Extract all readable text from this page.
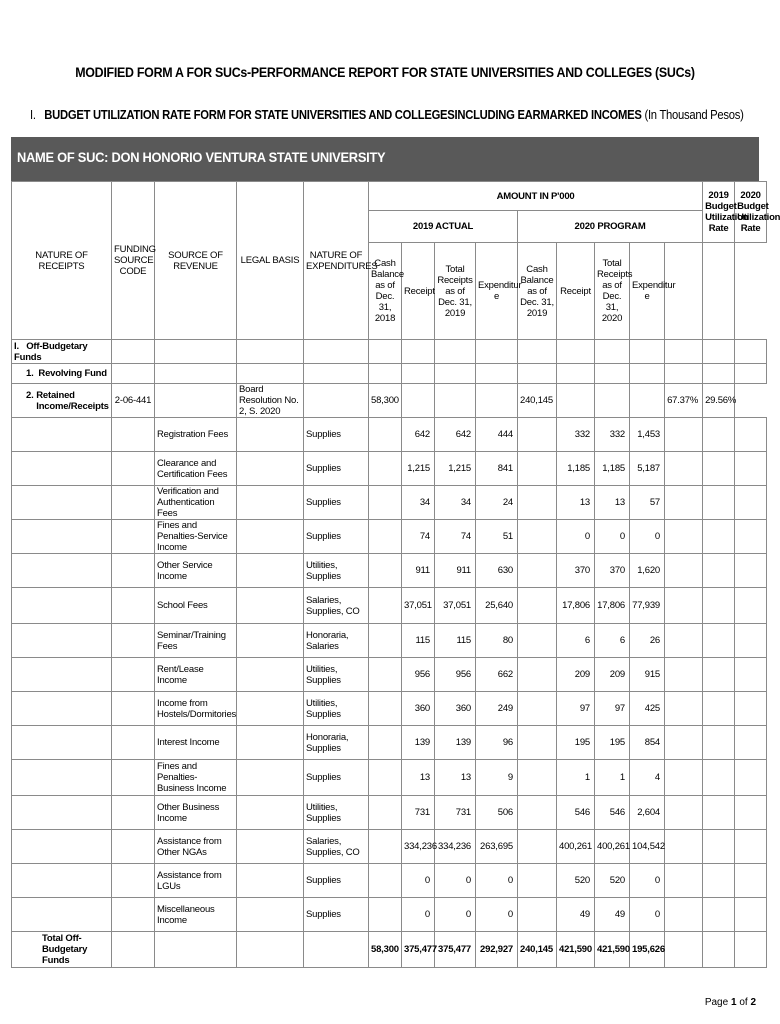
MODIFIED FORM A FOR SUCs-PERFORMANCE REPORT FOR STATE UNIVERSITIES AND COLLEGES (SUCs)
I. BUDGET UTILIZATION RATE FORM FOR STATE UNIVERSITIES AND COLLEGESINCLUDING EARMARKED INCOMES (In Thousand Pesos)
NAME OF SUC: DON HONORIO VENTURA STATE UNIVERSITY
NATURE OF RECEIPTS	FUNDING SOURCE CODE	SOURCE OF REVENUE	LEGAL BASIS	NATURE OF EXPENDITURES	AMOUNT IN P'000									2019 Budget Utilization Rate	2020 Budget Utilization Rate
					2019 ACTUAL				2020 PROGRAM						
					Cash Balance as of Dec. 31, 2018	Receipt	Total Receipts as of Dec. 31, 2019	Expenditur e	Cash Balance as of Dec. 31, 2019	Receipt	Total Receipts as of Dec. 31, 2020	Expenditur e			
I. Off-Budgetary Funds															
1. Revolving Fund															

2. Retained Income/Receipts	2-06-441		Board Resolution No. 2, S. 2020		58,300				240,145				67.37%	29.56%	
		Registration Fees		Supplies		642	642	444		332	332	1,453			
		Clearance and Certification Fees		Supplies		1,215	1,215	841		1,185	1,185	5,187			
		Verification and Authentication Fees		Supplies		34	34	24		13	13	57			
		Fines and Penalties-Service Income		Supplies		74	74	51		0	0	0			
		Other Service Income		Utilities, Supplies		911	911	630		370	370	1,620			
		School Fees		Salaries, Supplies, CO		37,051	37,051	25,640		17,806	17,806	77,939			
		Seminar/Training Fees		Honoraria, Salaries		115	115	80		6	6	26			
		Rent/Lease Income		Utilities, Supplies		956	956	662		209	209	915			
		Income from Hostels/Dormitories		Utilities, Supplies		360	360	249		97	97	425			
		Interest Income		Honoraria, Supplies		139	139	96		195	195	854			
		Fines and Penalties-Business Income		Supplies		13	13	9		1	1	4			
		Other Business Income		Utilities, Supplies		731	731	506		546	546	2,604			
		Assistance from Other NGAs		Salaries, Supplies, CO		334,236	334,236	263,695		400,261	400,261	104,542			
		Assistance from LGUs		Supplies		0	0	0		520	520	0			
		Miscellaneous Income		Supplies		0	0	0		49	49	0			
Total Off-Budgetary Funds					58,300	375,477	375,477	292,927	240,145	421,590	421,590	195,626			
Page 1 of 2
